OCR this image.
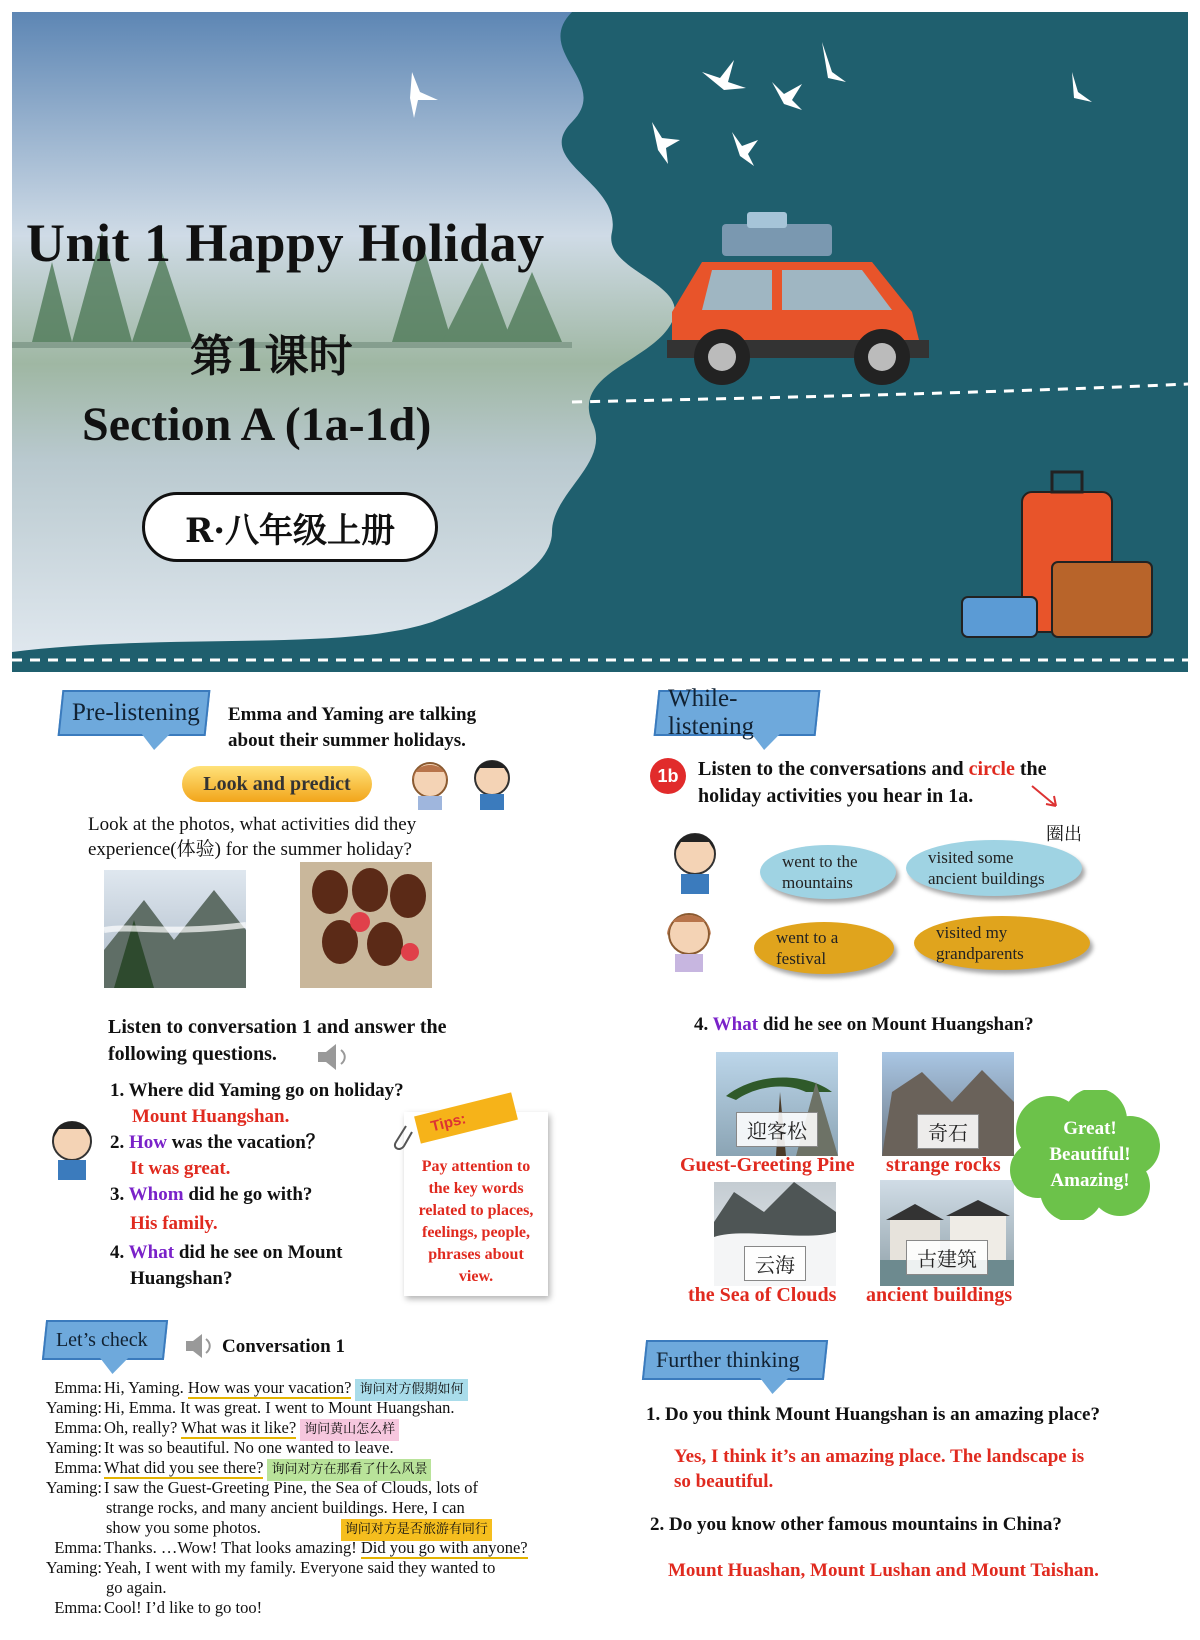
Unit 1 Happy Holiday
第1课时
Section A (1a-1d)
R·八年级上册
Pre-listening Emma and Yaming are talking
about their summer holidays.
Look and predict
Look at the photos, what activities did they
experience(体验) for the summer holiday?
While-listening
1b Listen to the conversations and circle the
holiday activities you hear in 1a.
圈出
went to the
mountains
visited some
ancient buildings
went to a
festival
visited my
grandparents
Listen to conversation 1 and answer the
following questions.
1. Where did Yaming go on holiday?
Mount Huangshan.
2. How was the vacation？
It was great.
3. Whom did he go with?
His family.
4. What did he see on Mount
Huangshan?
Pay attention to
the key words
related to places,
feelings, people,
phrases about
view.
Tips:
4. What did he see on Mount Huangshan?
迎客松
Guest-Greeting Pine
奇石
strange rocks
云海
the Sea of Clouds
古建筑
ancient buildings
Great!
Beautiful!
Amazing!
Let’s check	Conversation 1
Emma: Hi, Yaming. How was your vacation? 询问对方假期如何
Yaming: Hi, Emma. It was great. I went to Mount Huangshan.
Emma: Oh, really? What was it like? 询问黄山怎么样
Yaming: It was so beautiful. No one wanted to leave.
Emma: What did you see there? 询问对方在那看了什么风景
Yaming: I saw the Guest-Greeting Pine, the Sea of Clouds, lots of
strange rocks, and many ancient buildings. Here, I can
show you some photos.	询问对方是否旅游有同行
Emma: Thanks. …Wow! That looks amazing! Did you go with anyone?
Yaming: Yeah, I went with my family. Everyone said they wanted to
go again.
Emma: Cool! I’d like to go too!
Further thinking
1. Do you think Mount Huangshan is an amazing place?
Yes, I think it’s an amazing place. The landscape is
so beautiful.
2. Do you know other famous mountains in China?
Mount Huashan, Mount Lushan and Mount Taishan.
